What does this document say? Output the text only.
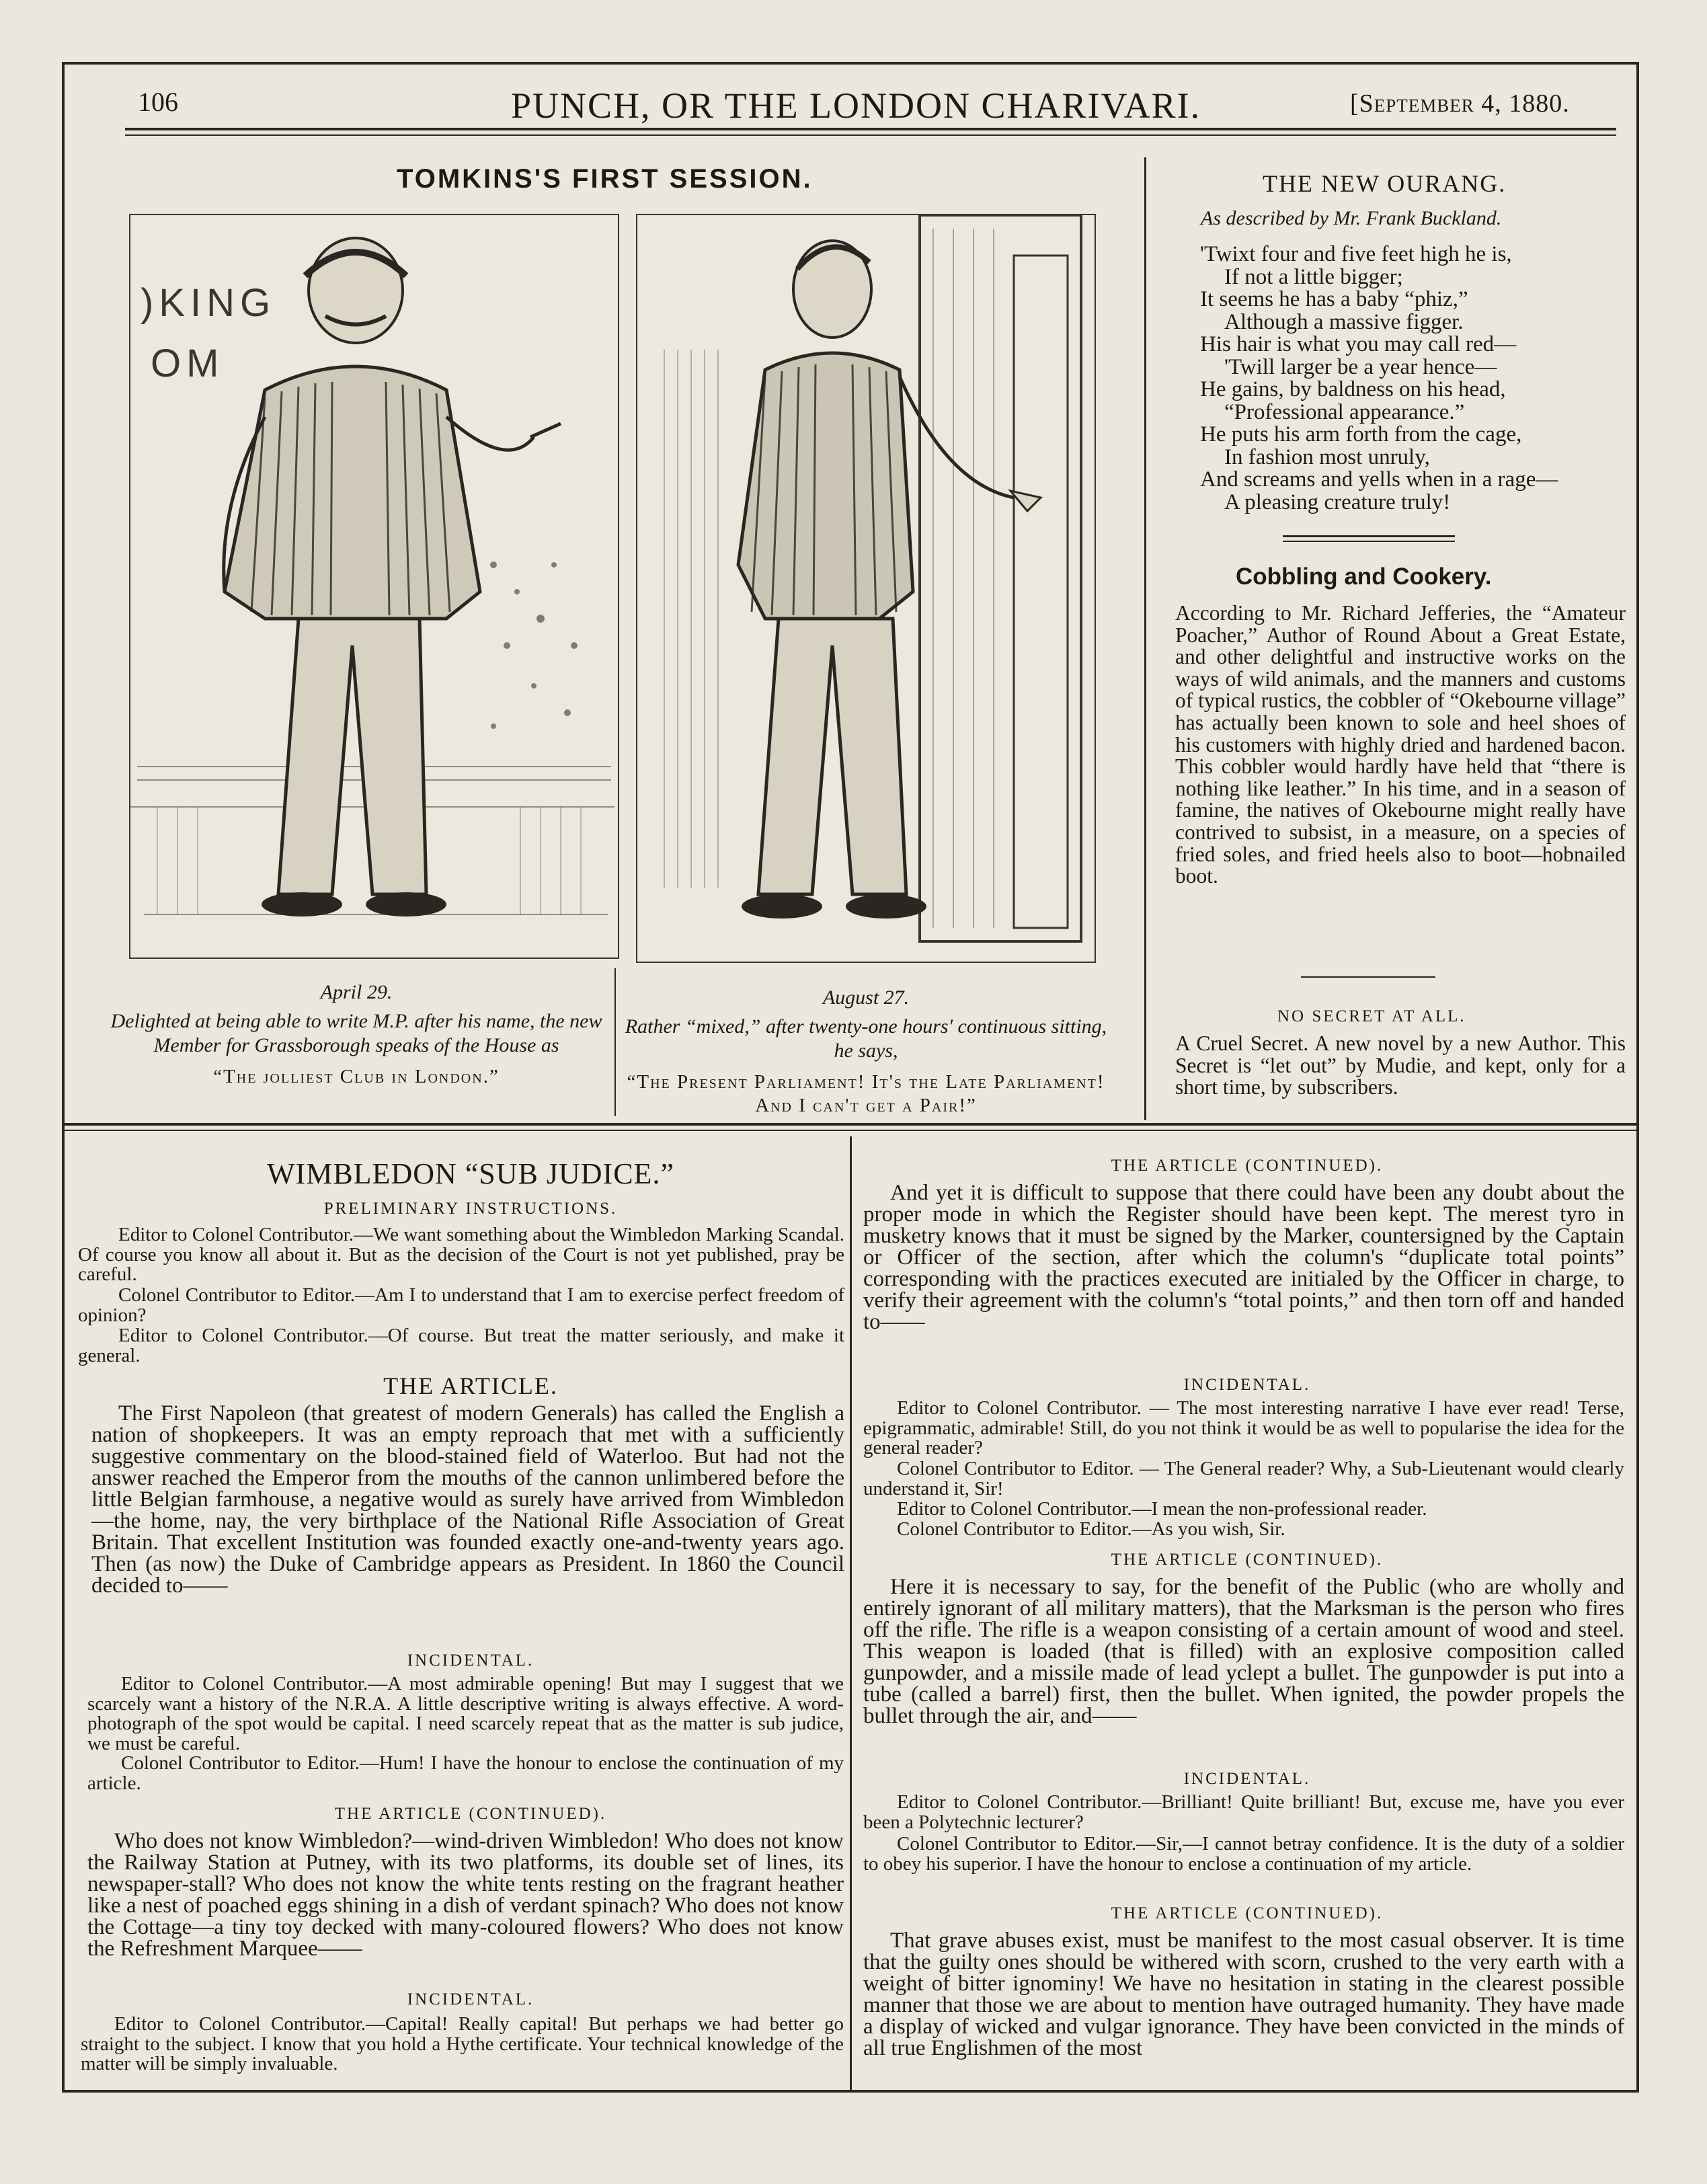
106	PUNCH, OR THE LONDON CHARIVARI.	[September 4, 1880.
TOMKINS'S FIRST SESSION.
)KING
OM
April 29.
Delighted at being able to write M.P. after his name, the new Member for Grassborough speaks of the House as
“The jolliest Club in London.”
August 27.
Rather “mixed,” after twenty-one hours' continuous sitting, he says,
“The Present Parliament! It's the Late Parliament! And I can't get a Pair!”
THE NEW OURANG.
As described by Mr. Frank Buckland.
'Twixt four and five feet high he is,
If not a little bigger;
It seems he has a baby “phiz,”
Although a massive figger.
His hair is what you may call red—
'Twill larger be a year hence—
He gains, by baldness on his head,
“Professional appearance.”
He puts his arm forth from the cage,
In fashion most unruly,
And screams and yells when in a rage—
A pleasing creature truly!
Cobbling and Cookery.
According to Mr. Richard Jefferies, the “Amateur Poacher,” Author of Round About a Great Estate, and other delightful and instructive works on the ways of wild animals, and the manners and customs of typical rustics, the cobbler of “Okebourne village” has actually been known to sole and heel shoes of his customers with highly dried and hardened bacon. This cobbler would hardly have held that “there is nothing like leather.” In his time, and in a season of famine, the natives of Okebourne might really have contrived to subsist, in a measure, on a species of fried soles, and fried heels also to boot—hobnailed boot.
NO SECRET AT ALL.
A Cruel Secret. A new novel by a new Author. This Secret is “let out” by Mudie, and kept, only for a short time, by subscribers.
WIMBLEDON “SUB JUDICE.”
PRELIMINARY INSTRUCTIONS.
Editor to Colonel Contributor.—We want something about the Wimbledon Marking Scandal. Of course you know all about it. But as the decision of the Court is not yet published, pray be careful.
Colonel Contributor to Editor.—Am I to understand that I am to exercise perfect freedom of opinion?
Editor to Colonel Contributor.—Of course. But treat the matter seriously, and make it general.
THE ARTICLE.
The First Napoleon (that greatest of modern Generals) has called the English a nation of shopkeepers. It was an empty reproach that met with a sufficiently suggestive commentary on the blood-stained field of Waterloo. But had not the answer reached the Emperor from the mouths of the cannon unlimbered before the little Belgian farmhouse, a negative would as surely have arrived from Wimbledon—the home, nay, the very birthplace of the National Rifle Association of Great Britain. That excellent Institution was founded exactly one-and-twenty years ago. Then (as now) the Duke of Cambridge appears as President. In 1860 the Council decided to——
INCIDENTAL.
Editor to Colonel Contributor.—A most admirable opening! But may I suggest that we scarcely want a history of the N.R.A. A little descriptive writing is always effective. A word-photograph of the spot would be capital. I need scarcely repeat that as the matter is sub judice, we must be careful.
Colonel Contributor to Editor.—Hum! I have the honour to enclose the continuation of my article.
THE ARTICLE (CONTINUED).
Who does not know Wimbledon?—wind-driven Wimbledon! Who does not know the Railway Station at Putney, with its two platforms, its double set of lines, its newspaper-stall? Who does not know the white tents resting on the fragrant heather like a nest of poached eggs shining in a dish of verdant spinach? Who does not know the Cottage—a tiny toy decked with many-coloured flowers? Who does not know the Refreshment Marquee——
INCIDENTAL.
Editor to Colonel Contributor.—Capital! Really capital! But perhaps we had better go straight to the subject. I know that you hold a Hythe certificate. Your technical knowledge of the matter will be simply invaluable.
THE ARTICLE (CONTINUED).
And yet it is difficult to suppose that there could have been any doubt about the proper mode in which the Register should have been kept. The merest tyro in musketry knows that it must be signed by the Marker, countersigned by the Captain or Officer of the section, after which the column's “duplicate total points” corresponding with the practices executed are initialed by the Officer in charge, to verify their agreement with the column's “total points,” and then torn off and handed to——
INCIDENTAL.
Editor to Colonel Contributor. — The most interesting narrative I have ever read! Terse, epigrammatic, admirable! Still, do you not think it would be as well to popularise the idea for the general reader?
Colonel Contributor to Editor. — The General reader? Why, a Sub-Lieutenant would clearly understand it, Sir!
Editor to Colonel Contributor.—I mean the non-professional reader.
Colonel Contributor to Editor.—As you wish, Sir.
THE ARTICLE (CONTINUED).
Here it is necessary to say, for the benefit of the Public (who are wholly and entirely ignorant of all military matters), that the Marksman is the person who fires off the rifle. The rifle is a weapon consisting of a certain amount of wood and steel. This weapon is loaded (that is filled) with an explosive composition called gunpowder, and a missile made of lead yclept a bullet. The gunpowder is put into a tube (called a barrel) first, then the bullet. When ignited, the powder propels the bullet through the air, and——
INCIDENTAL.
Editor to Colonel Contributor.—Brilliant! Quite brilliant! But, excuse me, have you ever been a Polytechnic lecturer?
Colonel Contributor to Editor.—Sir,—I cannot betray confidence. It is the duty of a soldier to obey his superior. I have the honour to enclose a continuation of my article.
THE ARTICLE (CONTINUED).
That grave abuses exist, must be manifest to the most casual observer. It is time that the guilty ones should be withered with scorn, crushed to the very earth with a weight of bitter ignominy! We have no hesitation in stating in the clearest possible manner that those we are about to mention have outraged humanity. They have made a display of wicked and vulgar ignorance. They have been convicted in the minds of all true Englishmen of the most
